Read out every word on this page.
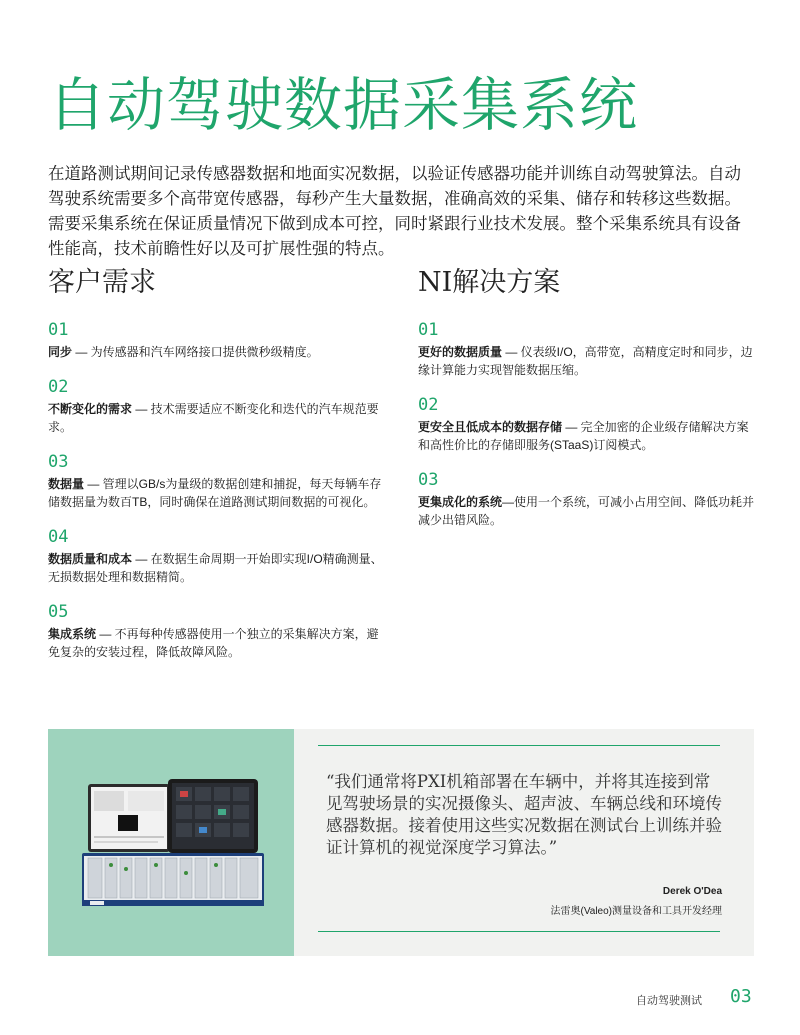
自动驾驶数据采集系统

在道路测试期间记录传感器数据和地面实况数据，以验证传感器功能并训练自动驾驶算法。自动驾驶系统需要多个高带宽传感器，每秒产生大量数据，准确高效的采集、储存和转移这些数据。需要采集系统在保证质量情况下做到成本可控，同时紧跟行业技术发展。整个采集系统具有设备性能高，技术前瞻性好以及可扩展性强的特点。

客户需求
01
同步 — 为传感器和汽车网络接口提供微秒级精度。
02
不断变化的需求 — 技术需要适应不断变化和迭代的汽车规范要求。
03
数据量 — 管理以GB/s为量级的数据创建和捕捉，每天每辆车存储数据量为数百TB，同时确保在道路测试期间数据的可视化。
04
数据质量和成本 — 在数据生命周期一开始即实现I/O精确测量、无损数据处理和数据精简。
05
集成系统 — 不再每种传感器使用一个独立的采集解决方案，避免复杂的安装过程，降低故障风险。
NI解决方案
01
更好的数据质量 — 仪表级I/O，高带宽，高精度定时和同步，边缘计算能力实现智能数据压缩。
02
更安全且低成本的数据存储 — 完全加密的企业级存储解决方案和高性价比的存储即服务(STaaS)订阅模式。
03
更集成化的系统—使用一个系统，可减小占用空间、降低功耗并减少出错风险。

“我们通常将PXI机箱部署在车辆中，并将其连接到常见驾驶场景的实况摄像头、超声波、车辆总线和环境传感器数据。接着使用这些实况数据在测试台上训练并验证计算机的视觉深度学习算法。”

Derek O'Dea
法雷奥(Valeo)测量设备和工具开发经理
自动驾驶测试 03
